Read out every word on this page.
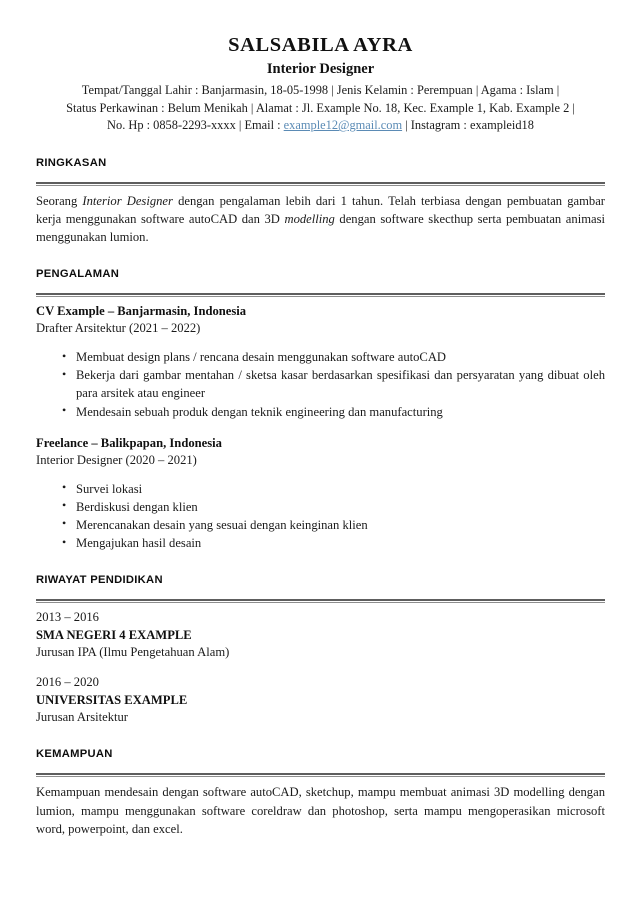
SALSABILA AYRA
Interior Designer
Tempat/Tanggal Lahir : Banjarmasin, 18-05-1998 | Jenis Kelamin : Perempuan | Agama : Islam |
Status Perkawinan : Belum Menikah | Alamat : Jl. Example No. 18, Kec. Example 1, Kab. Example 2 |
No. Hp : 0858-2293-xxxx | Email : example12@gmail.com | Instagram : exampleid18
RINGKASAN

Seorang Interior Designer dengan pengalaman lebih dari 1 tahun. Telah terbiasa dengan pembuatan gambar kerja menggunakan software autoCAD dan 3D modelling dengan software skecthup serta pembuatan animasi menggunakan lumion.

PENGALAMAN
CV Example – Banjarmasin, Indonesia
Drafter Arsitektur (2021 – 2022)
• Membuat design plans / rencana desain menggunakan software autoCAD
• Bekerja dari gambar mentahan / sketsa kasar berdasarkan spesifikasi dan persyaratan yang dibuat oleh para arsitek atau engineer
• Mendesain sebuah produk dengan teknik engineering dan manufacturing
Freelance – Balikpapan, Indonesia
Interior Designer (2020 – 2021)
• Survei lokasi
• Berdiskusi dengan klien
• Merencanakan desain yang sesuai dengan keinginan klien
• Mengajukan hasil desain
RIWAYAT PENDIDIKAN
2013 – 2016
SMA NEGERI 4 EXAMPLE
Jurusan IPA (Ilmu Pengetahuan Alam)
2016 – 2020
UNIVERSITAS EXAMPLE
Jurusan Arsitektur
KEMAMPUAN

Kemampuan mendesain dengan software autoCAD, sketchup, mampu membuat animasi 3D modelling dengan lumion, mampu menggunakan software coreldraw dan photoshop, serta mampu mengoperasikan microsoft word, powerpoint, dan excel.
